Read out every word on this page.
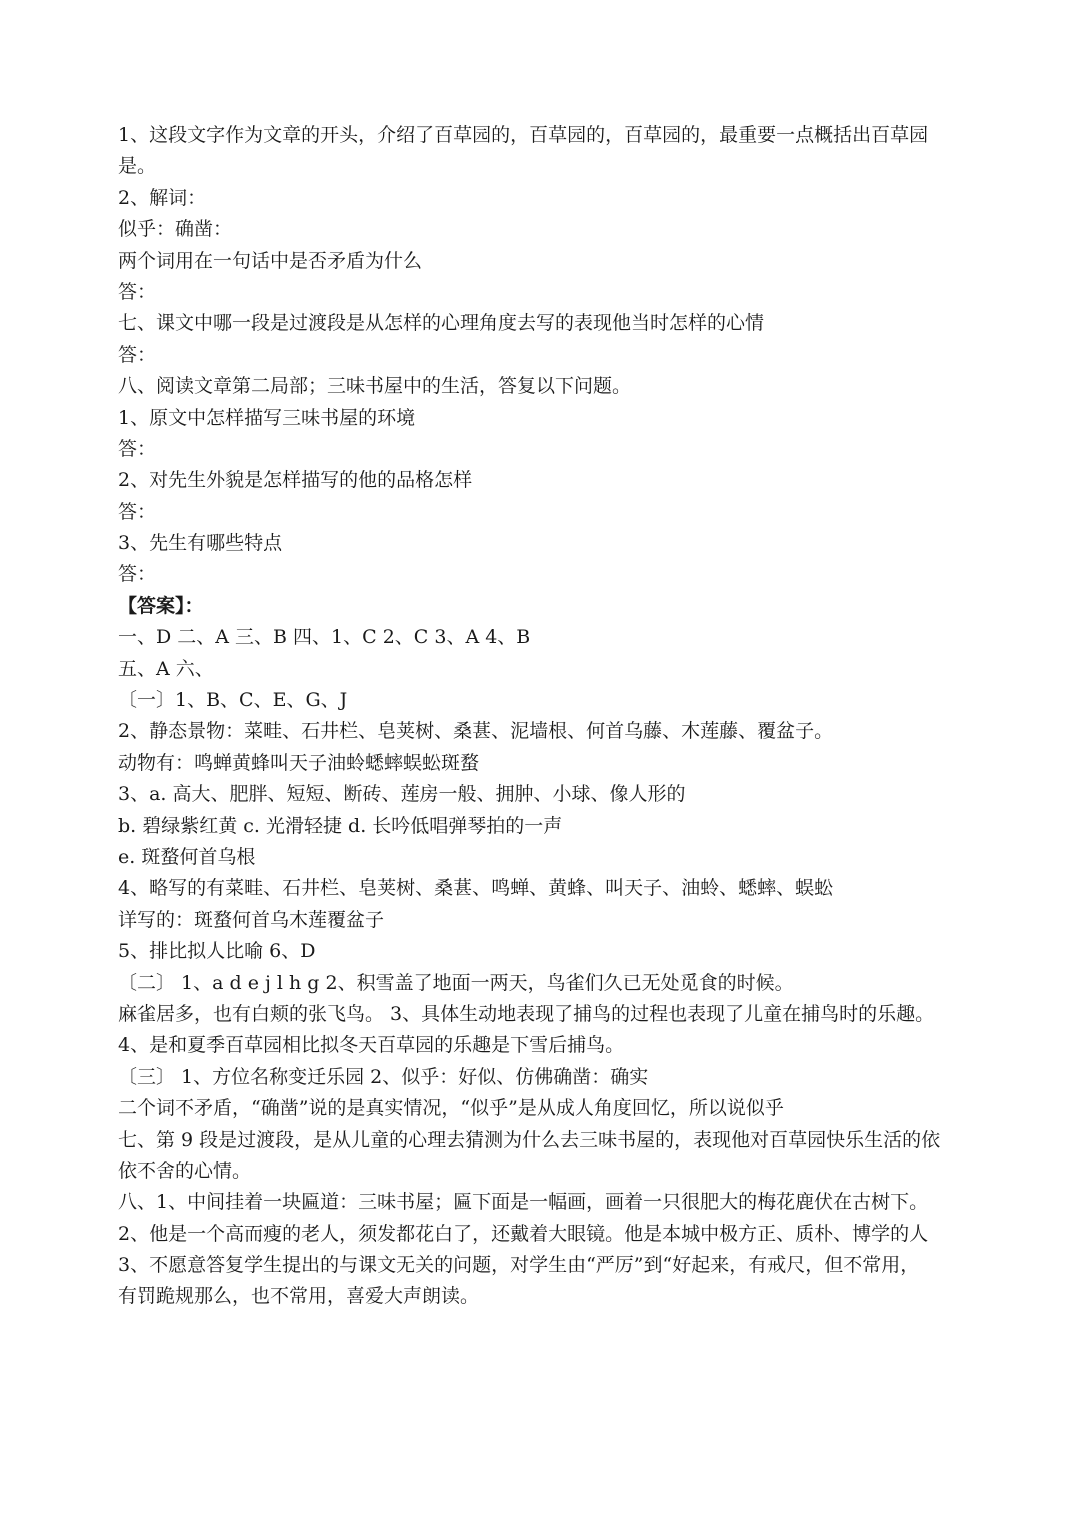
1、这段文字作为文章的开头，介绍了百草园的，百草园的，百草园的，最重要一点概括出百草园
是。
2、解词：
似乎：确凿：
两个词用在一句话中是否矛盾为什么
答：
七、课文中哪一段是过渡段是从怎样的心理角度去写的表现他当时怎样的心情
答：
八、阅读文章第二局部；三味书屋中的生活，答复以下问题。
1、原文中怎样描写三味书屋的环境
答：
2、对先生外貌是怎样描写的他的品格怎样
答：
3、先生有哪些特点
答：
【答案】：
一、D 二、A 三、B 四、1、C 2、C 3、A 4、B
五、A 六、
〔一〕1、B、C、E、G、J
2、静态景物：菜畦、石井栏、皂荚树、桑葚、泥墙根、何首乌藤、木莲藤、覆盆子。
动物有：鸣蝉黄蜂叫天子油蛉蟋蟀蜈蚣斑蝥
3、a. 高大、肥胖、短短、断砖、莲房一般、拥肿、小球、像人形的
b. 碧绿紫红黄 c. 光滑轻捷 d. 长吟低唱弹琴拍的一声
e. 斑蝥何首乌根
4、略写的有菜畦、石井栏、皂荚树、桑葚、鸣蝉、黄蜂、叫天子、油蛉、蟋蟀、蜈蚣
详写的：斑蝥何首乌木莲覆盆子
5、排比拟人比喻 6、D
〔二〕 1、a d e j l h g 2、积雪盖了地面一两天，鸟雀们久已无处觅食的时候。
麻雀居多，也有白颊的张飞鸟。 3、具体生动地表现了捕鸟的过程也表现了儿童在捕鸟时的乐趣。
4、是和夏季百草园相比拟冬天百草园的乐趣是下雪后捕鸟。
〔三〕 1、方位名称变迁乐园 2、似乎：好似、仿佛确凿：确实
二个词不矛盾，“确凿”说的是真实情况，“似乎”是从成人角度回忆，所以说似乎
七、第 9 段是过渡段，是从儿童的心理去猜测为什么去三味书屋的，表现他对百草园快乐生活的依
依不舍的心情。
八、1、中间挂着一块匾道：三味书屋；匾下面是一幅画，画着一只很肥大的梅花鹿伏在古树下。
2、他是一个高而瘦的老人，须发都花白了，还戴着大眼镜。他是本城中极方正、质朴、博学的人
3、不愿意答复学生提出的与课文无关的问题，对学生由“严厉”到“好起来，有戒尺，但不常用，
有罚跪规那么，也不常用，喜爱大声朗读。
